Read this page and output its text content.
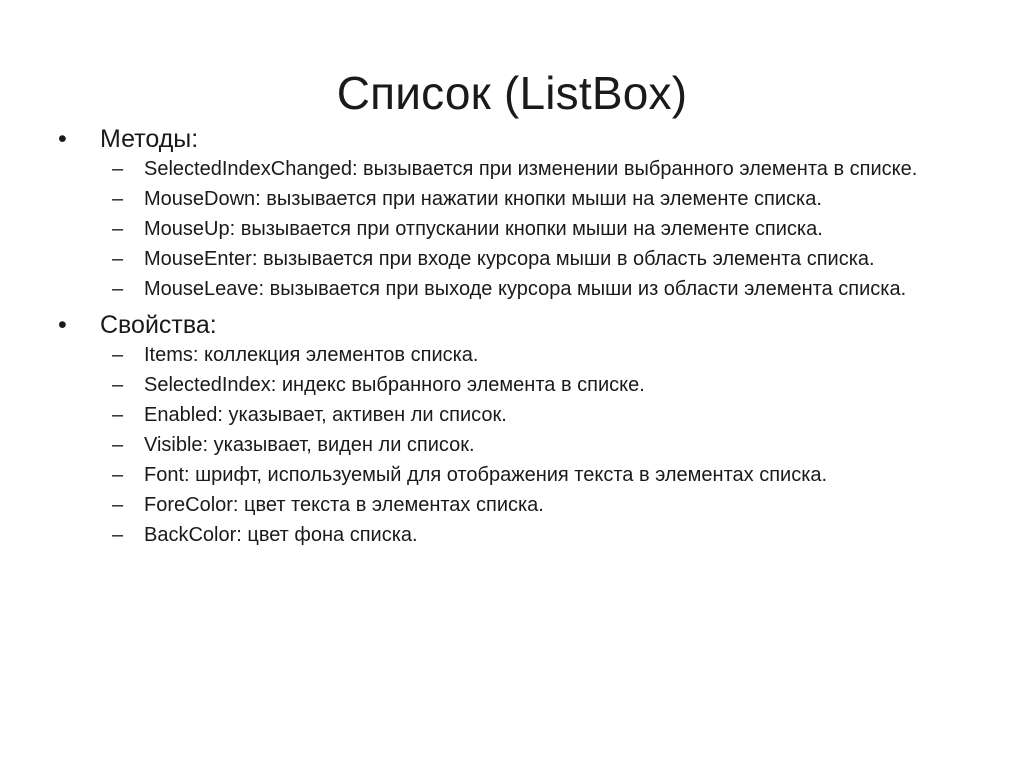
Список (ListBox)
•	Методы:
–	SelectedIndexChanged: вызывается при изменении выбранного элемента в списке.
–	MouseDown: вызывается при нажатии кнопки мыши на элементе списка.
–	MouseUp: вызывается при отпускании кнопки мыши на элементе списка.
–	MouseEnter: вызывается при входе курсора мыши в область элемента списка.
–	MouseLeave: вызывается при выходе курсора мыши из области элемента списка.
•	Свойства:
–	Items: коллекция элементов списка.
–	SelectedIndex: индекс выбранного элемента в списке.
–	Enabled: указывает, активен ли список.
–	Visible: указывает, виден ли список.
–	Font: шрифт, используемый для отображения текста в элементах списка.
–	ForeColor: цвет текста в элементах списка.
–	BackColor: цвет фона списка.
